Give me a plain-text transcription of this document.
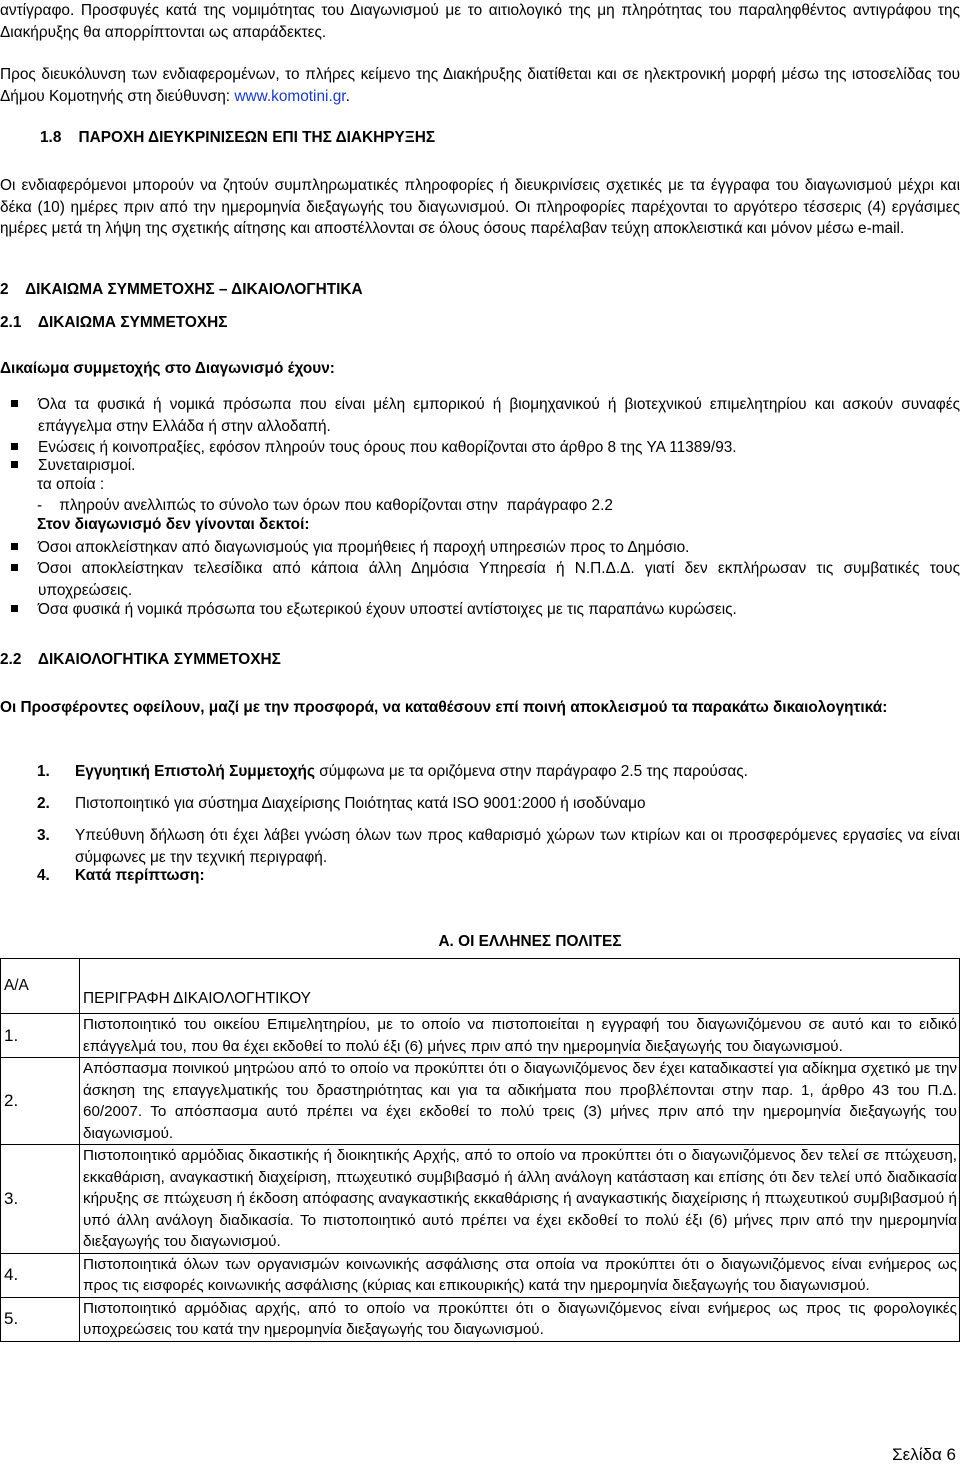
αντίγραφο. Προσφυγές κατά της νομιμότητας του Διαγωνισμού με το αιτιολογικό της μη πληρότητας του παραληφθέντος αντιγράφου της Διακήρυξης θα απορρίπτονται ως απαράδεκτες.
Προς διευκόλυνση των ενδιαφερομένων, το πλήρες κείμενο της Διακήρυξης διατίθεται και σε ηλεκτρονική μορφή μέσω της ιστοσελίδας του Δήμου Κομοτηνής στη διεύθυνση: www.komotini.gr.
1.8    ΠΑΡΟΧΗ ΔΙΕΥΚΡΙΝΙΣΕΩΝ ΕΠΙ ΤΗΣ ΔΙΑΚΗΡΥΞΗΣ
Οι ενδιαφερόμενοι μπορούν να ζητούν συμπληρωματικές πληροφορίες ή διευκρινίσεις σχετικές με τα έγγραφα του διαγωνισμού μέχρι και δέκα (10) ημέρες πριν από την ημερομηνία διεξαγωγής του διαγωνισμού. Οι πληροφορίες παρέχονται το αργότερο τέσσερις (4) εργάσιμες ημέρες μετά τη λήψη της σχετικής αίτησης και αποστέλλονται σε όλους όσους παρέλαβαν τεύχη αποκλειστικά και μόνον μέσω e-mail.
2    ΔΙΚΑΙΩΜΑ ΣΥΜΜΕΤΟΧΗΣ – ΔΙΚΑΙΟΛΟΓΗΤΙΚΑ
2.1    ΔΙΚΑΙΩΜΑ ΣΥΜΜΕΤΟΧΗΣ
Δικαίωμα συμμετοχής στο Διαγωνισμό έχουν:
Όλα τα φυσικά ή νομικά πρόσωπα που είναι μέλη εμπορικού ή βιομηχανικού ή βιοτεχνικού επιμελητηρίου και ασκούν συναφές επάγγελμα στην Ελλάδα ή στην αλλοδαπή.
Ενώσεις ή κοινοπραξίες, εφόσον πληρούν τους όρους που καθορίζονται στο άρθρο 8 της ΥΑ 11389/93.
Συνεταιρισμοί.
τα οποία :
-    πληρούν ανελλιπώς το σύνολο των όρων που καθορίζονται στην  παράγραφο 2.2
Στον διαγωνισμό δεν γίνονται δεκτοί:
Όσοι αποκλείστηκαν από διαγωνισμούς για προμήθειες ή παροχή υπηρεσιών προς το Δημόσιο.
Όσοι αποκλείστηκαν τελεσίδικα από κάποια άλλη Δημόσια Υπηρεσία ή Ν.Π.Δ.Δ. γιατί δεν εκπλήρωσαν τις συμβατικές τους υποχρεώσεις.
Όσα φυσικά ή νομικά πρόσωπα του εξωτερικού έχουν υποστεί αντίστοιχες με τις παραπάνω κυρώσεις.
2.2    ΔΙΚΑΙΟΛΟΓΗΤΙΚΑ ΣΥΜΜΕΤΟΧΗΣ
Οι Προσφέροντες οφείλουν, μαζί με την προσφορά, να καταθέσουν επί ποινή αποκλεισμού τα παρακάτω δικαιολογητικά:
1. Εγγυητική Επιστολή Συμμετοχής σύμφωνα με τα oριζόμενα στην παράγραφο 2.5 της παρούσας.
2. Πιστοποιητικό για σύστημα Διαχείρισης Ποιότητας κατά ISO 9001:2000 ή ισοδύναμο
3. Υπεύθυνη δήλωση ότι έχει λάβει γνώση όλων των προς καθαρισμό χώρων των κτιρίων και οι προσφερόμενες εργασίες να είναι σύμφωνες με την τεχνική περιγραφή.
4. Κατά περίπτωση:
Α. ΟΙ ΕΛΛΗΝΕΣ ΠΟΛΙΤΕΣ
Α/Α	ΠΕΡΙΓΡΑΦΗ ΔΙΚΑΙΟΛΟΓΗΤΙΚΟΥ
1.	Πιστοποιητικό του οικείου Επιμελητηρίου, με το οποίο να πιστοποιείται η εγγραφή του διαγωνιζόμενου σε αυτό και το ειδικό επάγγελμά του, που θα έχει εκδοθεί το πολύ έξι (6) μήνες πριν από την ημερομηνία διεξαγωγής του διαγωνισμού.
2.	Απόσπασμα ποινικού μητρώου από το οποίο να προκύπτει ότι ο διαγωνιζόμενος δεν έχει καταδικαστεί για αδίκημα σχετικό με την άσκηση της επαγγελματικής του δραστηριότητας και για τα αδικήματα που προβλέπονται στην παρ. 1, άρθρο 43 του Π.Δ. 60/2007. Το απόσπασμα αυτό πρέπει να έχει εκδοθεί το πολύ τρεις (3) μήνες πριν από την ημερομηνία διεξαγωγής του διαγωνισμού.
3.	Πιστοποιητικό αρμόδιας δικαστικής ή διοικητικής Αρχής, από το οποίο να προκύπτει ότι ο διαγωνιζόμενος δεν τελεί σε πτώχευση, εκκαθάριση, αναγκαστική διαχείριση, πτωχευτικό συμβιβασμό ή άλλη ανάλογη κατάσταση και επίσης ότι δεν τελεί υπό διαδικασία κήρυξης σε πτώχευση ή έκδοση απόφασης αναγκαστικής εκκαθάρισης ή αναγκαστικής διαχείρισης ή πτωχευτικού συμβιβασμού ή υπό άλλη ανάλογη διαδικασία. Το πιστοποιητικό αυτό πρέπει να έχει εκδοθεί το πολύ έξι (6) μήνες πριν από την ημερομηνία διεξαγωγής του διαγωνισμού.
4.	Πιστοποιητικά όλων των οργανισμών κοινωνικής ασφάλισης στα οποία να προκύπτει ότι ο διαγωνιζόμενος είναι ενήμερος ως προς τις εισφορές κοινωνικής ασφάλισης (κύριας και επικουρικής) κατά την ημερομηνία διεξαγωγής του διαγωνισμού.
5.	Πιστοποιητικό αρμόδιας αρχής, από το οποίο να προκύπτει ότι ο διαγωνιζόμενος είναι ενήμερος ως προς τις φορολογικές υποχρεώσεις του κατά την ημερομηνία διεξαγωγής του διαγωνισμού.
Σελίδα 6
